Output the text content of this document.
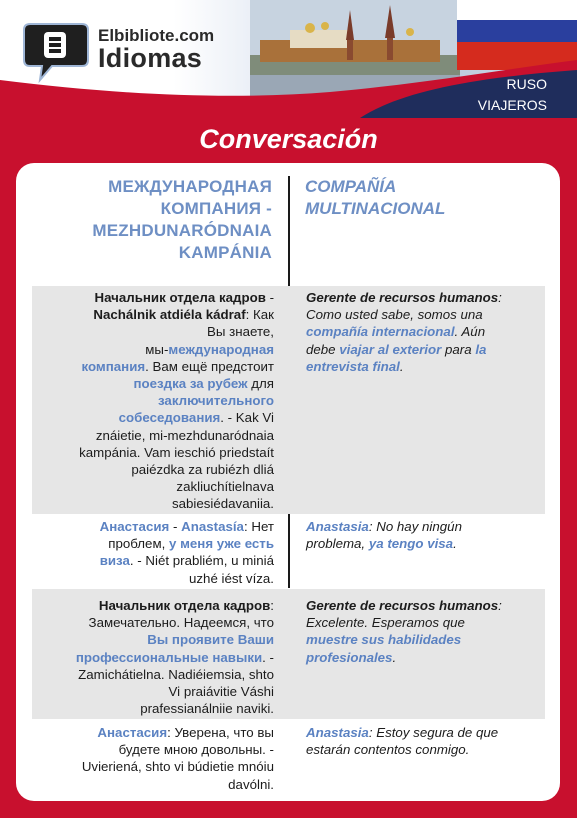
Elbibliote.com
Idiomas
RUSO
VIAJEROS
Conversación
МЕЖДУНАРОДНАЯ
КОМПАНИЯ -
MEZHDUNARÓDNAIA
KAMPÁNIA
COMPAÑÍA
MULTINACIONAL
Начальник отдела кадров -
Nachálnik atdiéla kádraf: Как
Вы знаете,
мы-международная
компания. Вам ещё предстоит
поездка за рубеж для
заключительного
собеседования. - Kak Vi
znáietie, mi-mezhdunaródnaia
kampánia. Vam ieschió priedstaít
paiézdka za rubiézh dliá
zakliuchítielnava
sabiesiédavaniia.
Gerente de recursos humanos:
Como usted sabe, somos una
compañía internacional. Aún
debe viajar al exterior para la
entrevista final.
Анастасия - Anastasía: Нет
проблем, у меня уже есть
виза. - Niét prabliém, u miniá
uzhé iést víza.
Anastasia: No hay ningún
problema, ya tengo visa.
Начальник отдела кадров:
Замечательно. Надеемся, что
Вы проявите Ваши
профессиональные навыки. -
Zamichátielna. Nadiéiemsia, shto
Vi praiávitie Váshi
prafessianálniie naviki.
Gerente de recursos humanos:
Excelente. Esperamos que
muestre sus habilidades
profesionales.
Анастасия: Уверена, что вы
будете мною довольны. -
Uvieriená, shto vi búdietie mnóiu
davólni.
Anastasia: Estoy segura de que
estarán contentos conmigo.
